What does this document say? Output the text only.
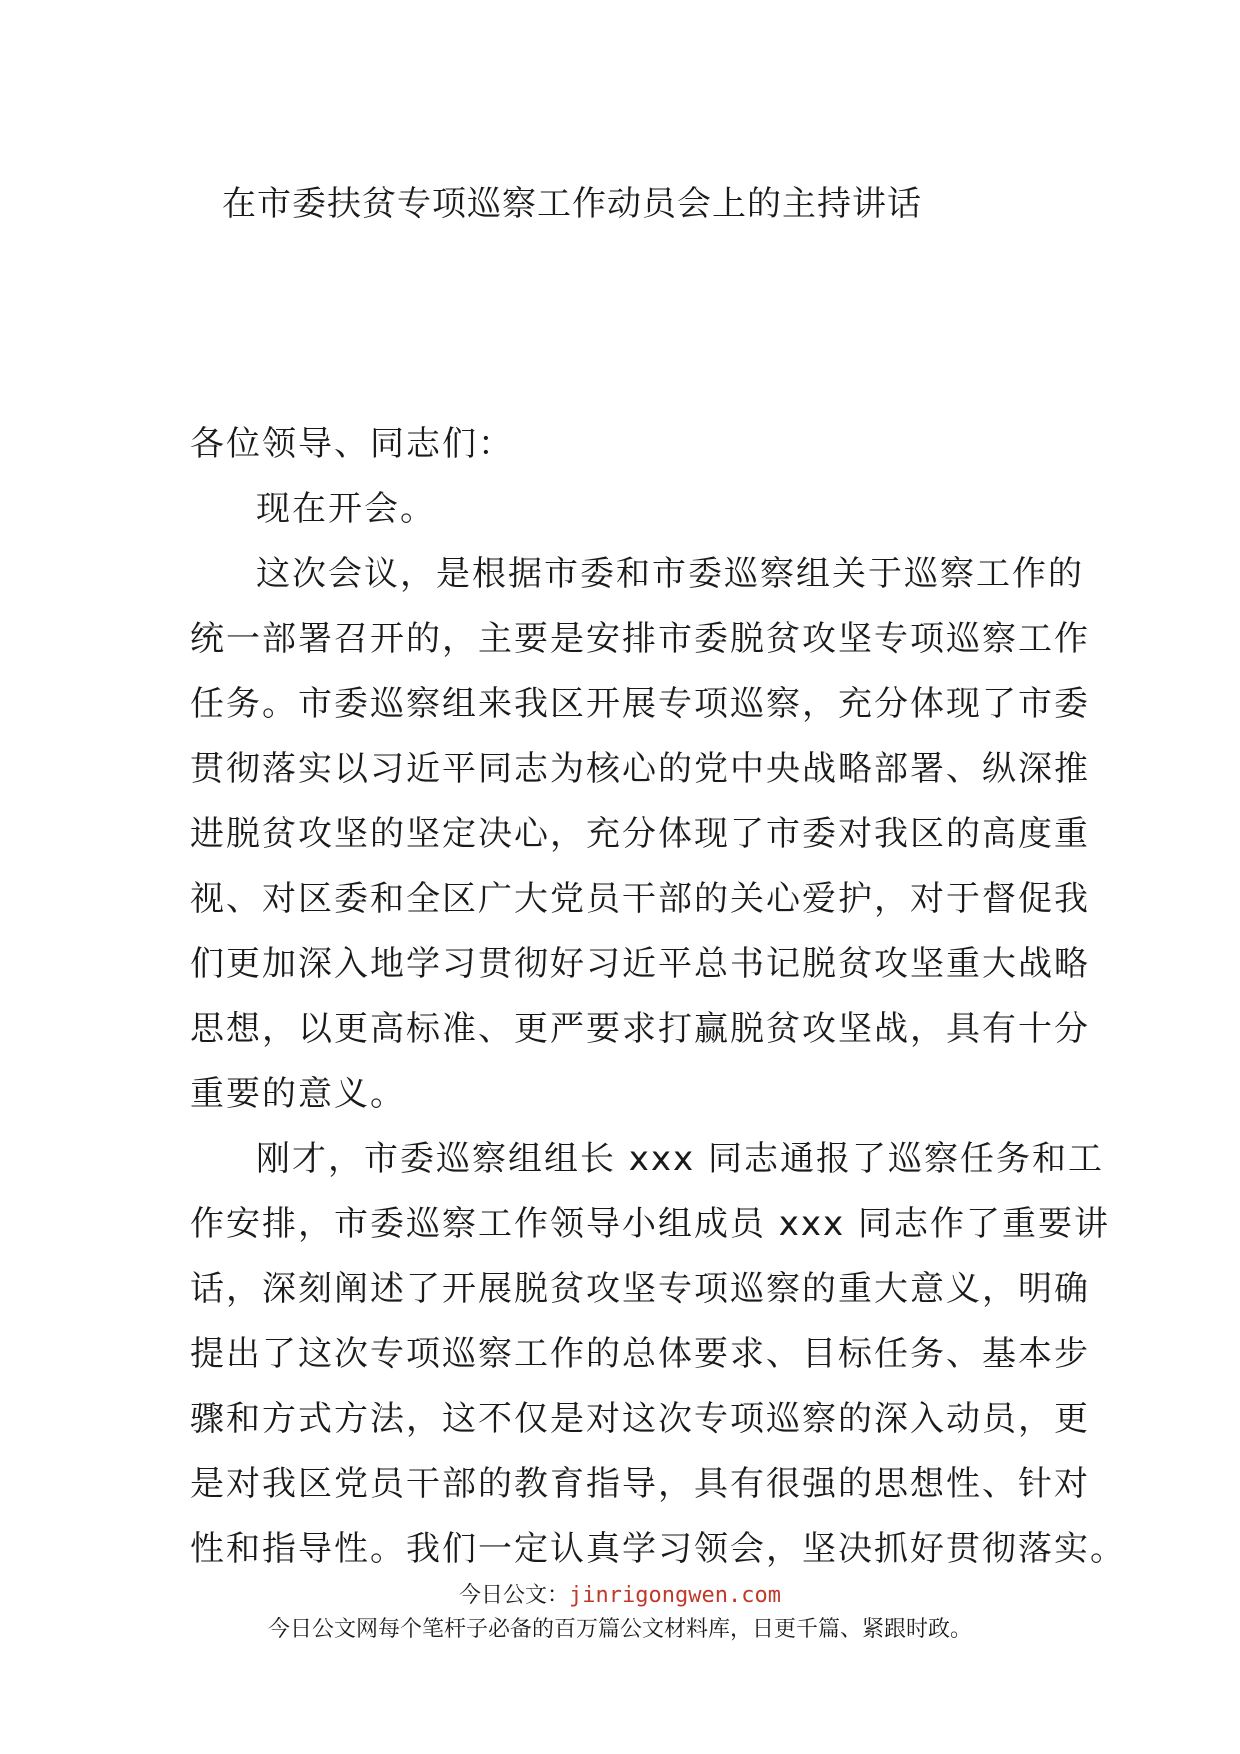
在市委扶贫专项巡察工作动员会上的主持讲话
各位领导、同志们：
现在开会。
这次会议，是根据市委和市委巡察组关于巡察工作的
统一部署召开的，主要是安排市委脱贫攻坚专项巡察工作
任务。市委巡察组来我区开展专项巡察，充分体现了市委
贯彻落实以习近平同志为核心的党中央战略部署、纵深推
进脱贫攻坚的坚定决心，充分体现了市委对我区的高度重
视、对区委和全区广大党员干部的关心爱护，对于督促我
们更加深入地学习贯彻好习近平总书记脱贫攻坚重大战略
思想，以更高标准、更严要求打赢脱贫攻坚战，具有十分
重要的意义。
刚才，市委巡察组组长 xxx 同志通报了巡察任务和工
作安排，市委巡察工作领导小组成员 xxx 同志作了重要讲
话，深刻阐述了开展脱贫攻坚专项巡察的重大意义，明确
提出了这次专项巡察工作的总体要求、目标任务、基本步
骤和方式方法，这不仅是对这次专项巡察的深入动员，更
是对我区党员干部的教育指导，具有很强的思想性、针对
性和指导性。我们一定认真学习领会，坚决抓好贯彻落实。
今日公文：jinrigongwen.com
今日公文网每个笔杆子必备的百万篇公文材料库，日更千篇、紧跟时政。
